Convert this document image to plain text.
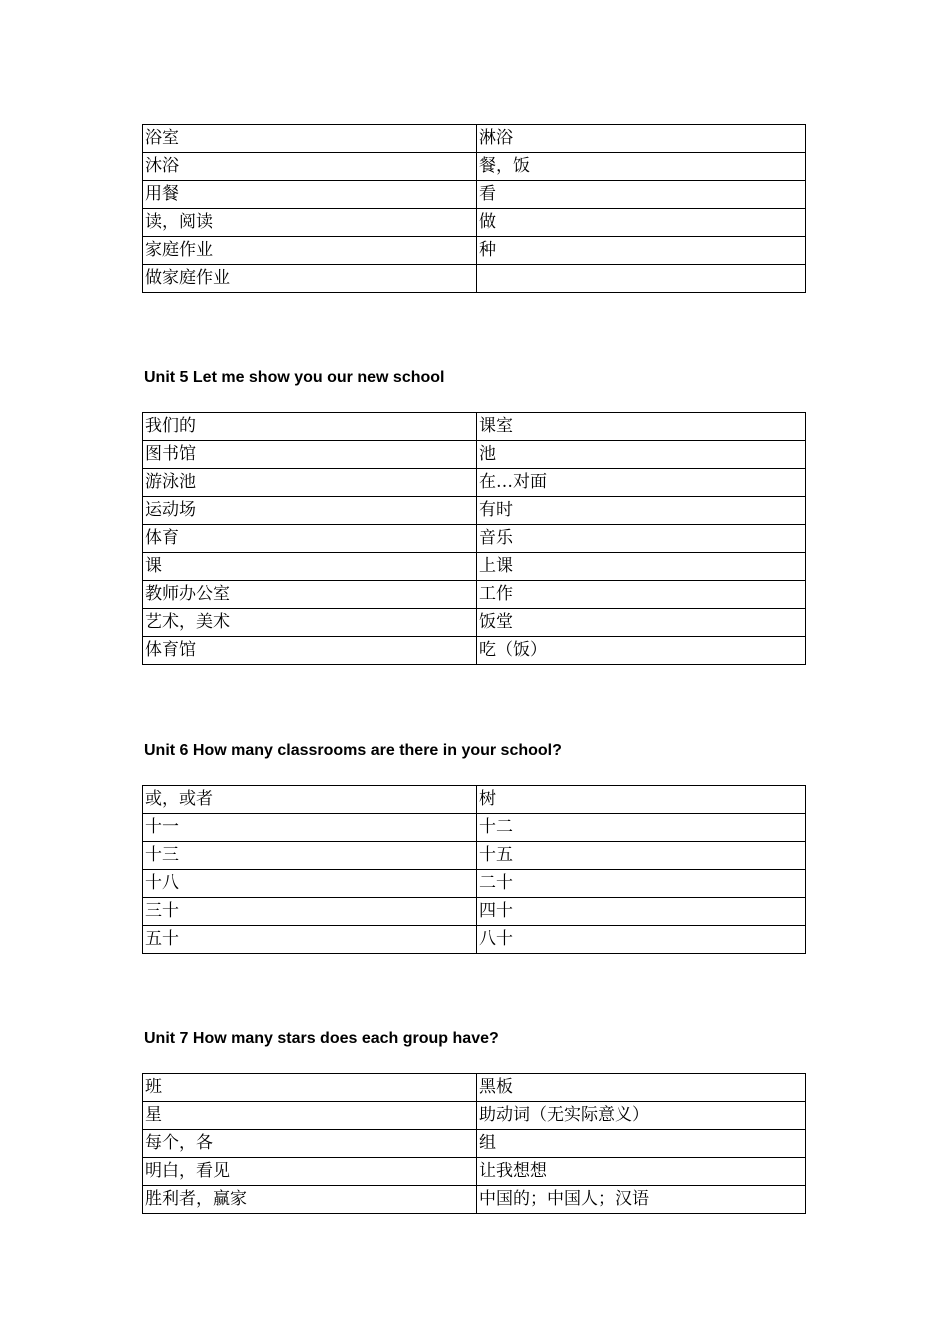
浴室	淋浴
沐浴	餐，饭
用餐	看
读，阅读	做
家庭作业	种
做家庭作业	
Unit 5 Let me show you our new school
我们的	课室
图书馆	池
游泳池	在…对面
运动场	有时
体育	音乐
课	上课
教师办公室	工作
艺术，美术	饭堂
体育馆	吃（饭）
Unit 6 How many classrooms are there in your school?
或，或者	树
十一	十二
十三	十五
十八	二十
三十	四十
五十	八十
Unit 7 How many stars does each group have?
班	黑板
星	助动词（无实际意义）
每个，各	组
明白，看见	让我想想
胜利者，赢家	中国的；中国人；汉语
